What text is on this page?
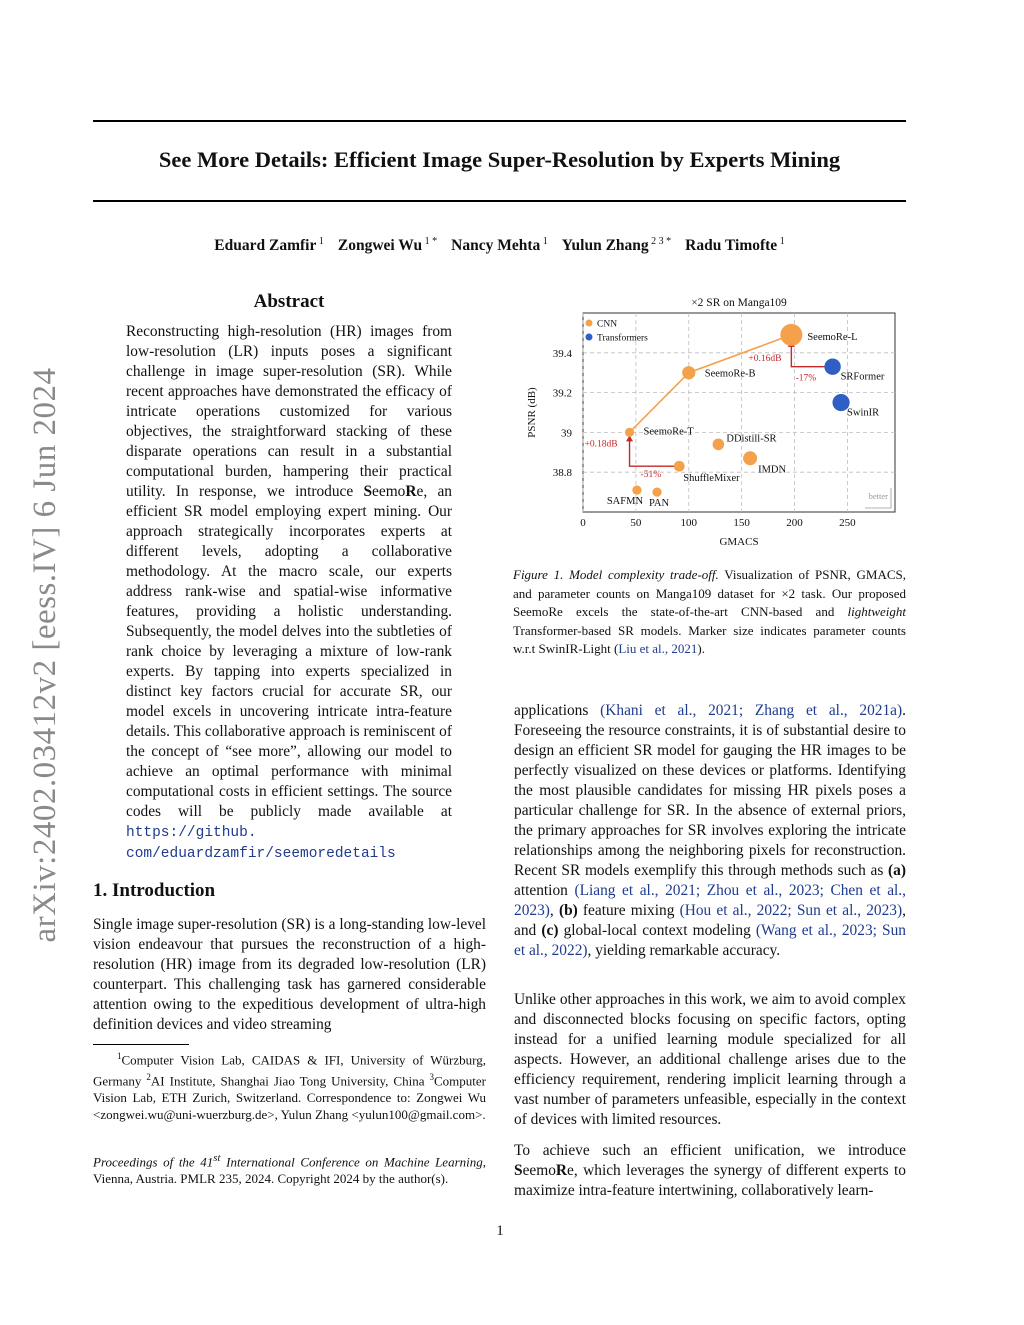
arXiv:2402.03412v2 [eess.IV] 6 Jun 2024
See More Details: Efficient Image Super-Resolution by Experts Mining
Eduard Zamfir $^1$ Zongwei Wu $^{1 *}$ Nancy Mehta $^1$ Yulun Zhang $^{2 3 *}$ Radu Timofte $^1$
Abstract
Reconstructing high-resolution (HR) images from low-resolution (LR) inputs poses a significant challenge in image super-resolution (SR). While recent approaches have demonstrated the efficacy of intricate operations customized for various objectives, the straightforward stacking of these disparate operations can result in a substantial computational burden, hampering their practical utility. In response, we introduce SeemoRe, an efficient SR model employing expert mining. Our approach strategically incorporates experts at different levels, adopting a collaborative methodology. At the macro scale, our experts address rank-wise and spatial-wise informative features, providing a holistic understanding. Subsequently, the model delves into the subtleties of rank choice by leveraging a mixture of low-rank experts. By tapping into experts specialized in distinct key factors crucial for accurate SR, our model excels in uncovering intricate intra-feature details. This collaborative approach is reminiscent of the concept of “see more”, allowing our model to achieve an optimal performance with minimal computational costs in efficient settings. The source codes will be publicly made available at https://github. com/eduardzamfir/seemoredetails
1. Introduction
Single image super-resolution (SR) is a long-standing low-level vision endeavour that pursues the reconstruction of a high-resolution (HR) image from its degraded low-resolution (LR) counterpart. This challenging task has garnered considerable attention owing to the expeditious development of ultra-high definition devices and video streaming
$^1$Computer Vision Lab, CAIDAS & IFI, University of Würzburg, Germany $^2$AI Institute, Shanghai Jiao Tong University, China $^3$Computer Vision Lab, ETH Zurich, Switzerland. Correspondence to: Zongwei Wu <zongwei.wu@uni-wuerzburg.de>, Yulun Zhang <yulun100@gmail.com>.
Proceedings of the 41st International Conference on Machine Learning, Vienna, Austria. PMLR 235, 2024. Copyright 2024 by the author(s).
×2 SR on Manga109
0	50	100	150	200	250
38.8
39
39.2
39.4
GMACS
PSNR (dB)
+0.16dB
-17%
+0.18dB
-51%
SeemoRe-L
SeemoRe-B
SeemoRe-T
DDistill-SR
IMDN
ShuffleMixer
SAFMN PAN
SRFormer
SwinIR
CNN
Transformers
better
Figure 1. Model complexity trade-off. Visualization of PSNR, GMACS, and parameter counts on Manga109 dataset for ×2 task. Our proposed SeemoRe excels the state-of-the-art CNN-based and lightweight Transformer-based SR models. Marker size indicates parameter counts w.r.t SwinIR-Light (Liu et al., 2021).
applications (Khani et al., 2021; Zhang et al., 2021a). Foreseeing the resource constraints, it is of substantial desire to design an efficient SR model for gauging the HR images to be perfectly visualized on these devices or platforms. Identifying the most plausible candidates for missing HR pixels poses a particular challenge for SR. In the absence of external priors, the primary approaches for SR involves exploring the intricate relationships among the neighboring pixels for reconstruction. Recent SR models exemplify this through methods such as (a) attention (Liang et al., 2021; Zhou et al., 2023; Chen et al., 2023), (b) feature mixing (Hou et al., 2022; Sun et al., 2023), and (c) global-local context modeling (Wang et al., 2023; Sun et al., 2022), yielding remarkable accuracy.
Unlike other approaches in this work, we aim to avoid complex and disconnected blocks focusing on specific factors, opting instead for a unified learning module specialized for all aspects. However, an additional challenge arises due to the efficiency requirement, rendering implicit learning through a vast number of parameters unfeasible, especially in the context of devices with limited resources.
To achieve such an efficient unification, we introduce SeemoRe, which leverages the synergy of different experts to maximize intra-feature intertwining, collaboratively learn-
1
